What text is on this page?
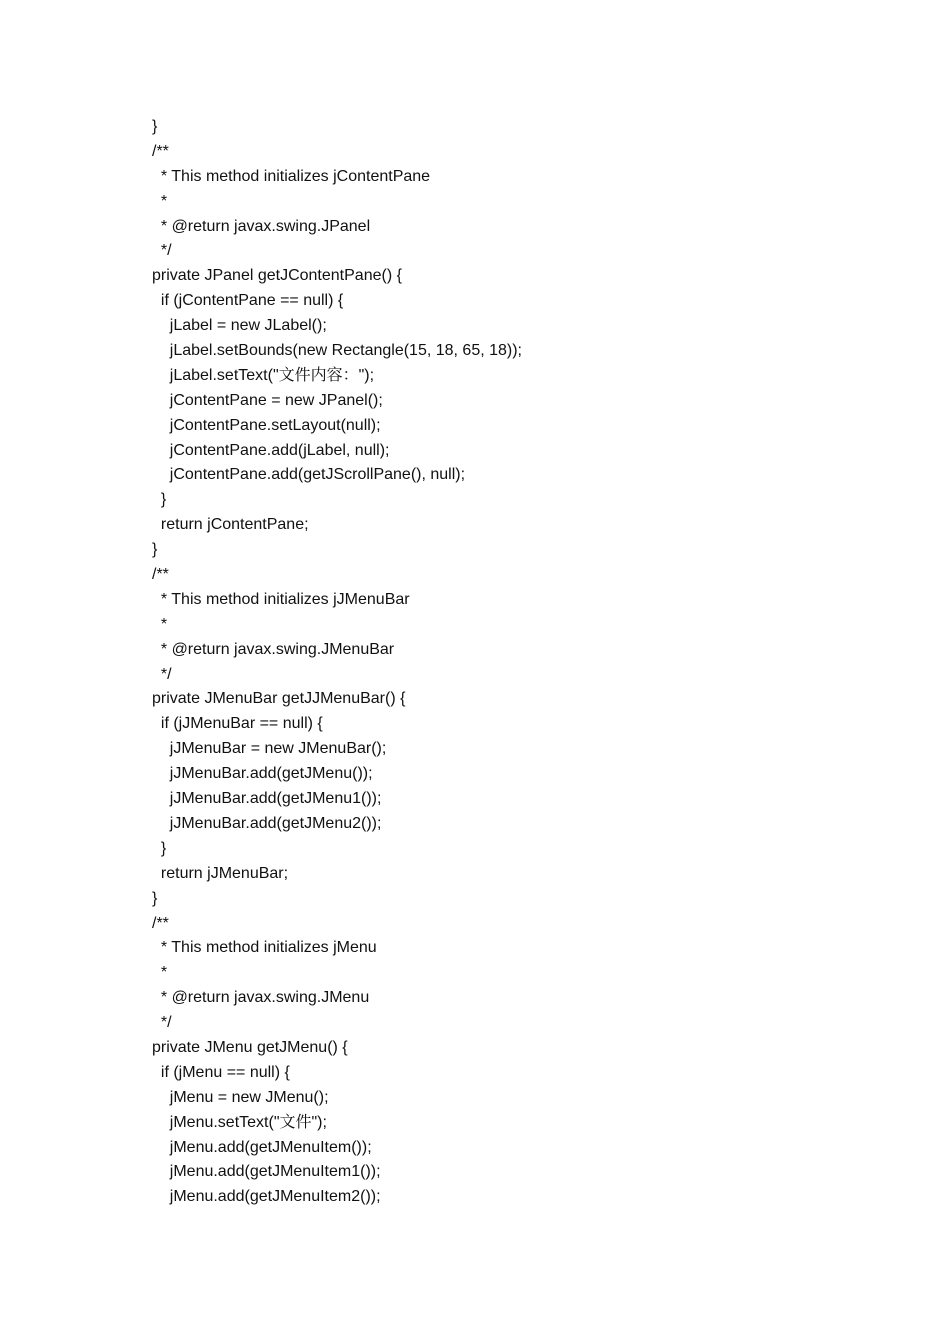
}
/**
* This method initializes jContentPane
*
* @return javax.swing.JPanel
*/
private JPanel getJContentPane() {
if (jContentPane == null) {
jLabel = new JLabel();
jLabel.setBounds(new Rectangle(15, 18, 65, 18));
jLabel.setText("文件内容：");
jContentPane = new JPanel();
jContentPane.setLayout(null);
jContentPane.add(jLabel, null);
jContentPane.add(getJScrollPane(), null);
}
return jContentPane;
}
/**
* This method initializes jJMenuBar
*
* @return javax.swing.JMenuBar
*/
private JMenuBar getJJMenuBar() {
if (jJMenuBar == null) {
jJMenuBar = new JMenuBar();
jJMenuBar.add(getJMenu());
jJMenuBar.add(getJMenu1());
jJMenuBar.add(getJMenu2());
}
return jJMenuBar;
}
/**
* This method initializes jMenu
*
* @return javax.swing.JMenu
*/
private JMenu getJMenu() {
if (jMenu == null) {
jMenu = new JMenu();
jMenu.setText("文件");
jMenu.add(getJMenuItem());
jMenu.add(getJMenuItem1());
jMenu.add(getJMenuItem2());
